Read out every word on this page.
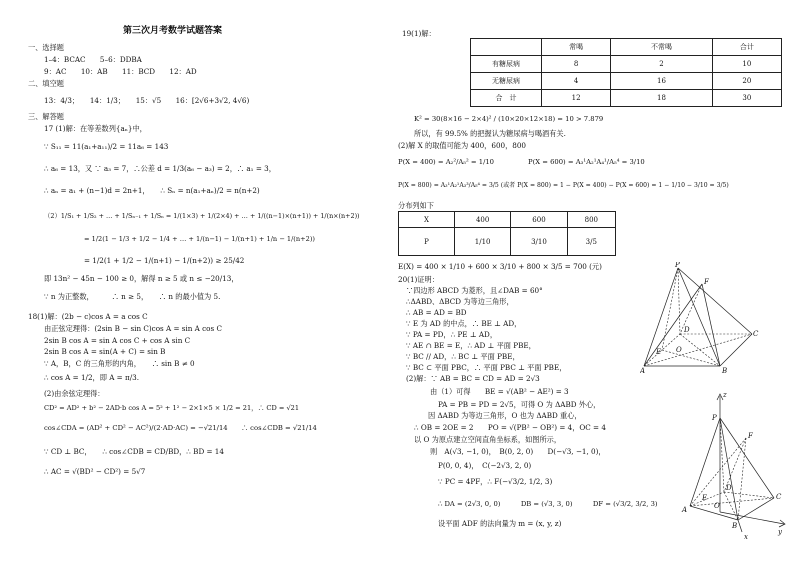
第三次月考数学试题答案
一、选择题
1–4：BCAC　　5–6：DDBA
9：AC　　10：AB　　11：BCD　　12：AD
二、填空题
13：4/3；　　14：1/3；　　15：√5　　16：[2√6+3√2, 4√6)
三、解答题
17 (1)解：在等差数列{aₙ}中，
∵ S₁₁ = 11(a₁+a₁₁)/2 = 11a₆ = 143
∴ a₆ = 13，又 ∵ a₃ = 7，∴公差 d = 1/3(a₆ − a₃) = 2，∴ a₁ = 3，
∴ aₙ = a₁ + (n−1)d = 2n+1，　　∴ Sₙ = n(a₁+aₙ)/2 = n(n+2)
（2）1/S₁ + 1/S₂ + … + 1/Sₙ₋₁ + 1/Sₙ = 1/(1×3) + 1/(2×4) + … + 1/((n−1)×(n+1)) + 1/(n×(n+2))
= 1/2(1 − 1/3 + 1/2 − 1/4 + … + 1/(n−1) − 1/(n+1) + 1/n − 1/(n+2))
= 1/2(1 + 1/2 − 1/(n+1) − 1/(n+2)) ≥ 25/42
即 13n² − 45n − 100 ≥ 0，解得 n ≥ 5 或 n ≤ −20/13，
∵ n 为正整数，　　　∴ n ≥ 5，　　∴ n 的最小值为 5.
18(1)解：(2b − c)cos A = a cos C
由正弦定理得：(2sin B − sin C)cos A = sin A cos C
2sin B cos A = sin A cos C + cos A sin C
2sin B cos A = sin(A + C) = sin B
∵ A，B，C 的三角形的内角，　　∴ sin B ≠ 0
∴ cos A = 1/2，即 A = π/3.
(2)由余弦定理得：
CD² = AD² + b² − 2AD·b cos A = 5² + 1² − 2×1×5 × 1/2 = 21，∴ CD = √21
cos∠CDA = (AD² + CD² − AC²)/(2·AD·AC) = −√21/14　　∴ cos∠CDB = √21/14
∵ CD ⊥ BC，　　∴ cos∠CDB = CD/BD，∴ BD = 14
∴ AC = √(BD² − CD²) = 5√7
19(1)解：
	常喝	不常喝	合计
有糖尿病	8	2	10
无糖尿病	4	16	20
合　计	12	18	30
K² = 30(8×16 − 2×4)² / (10×20×12×18) = 10 > 7.879
所以，有 99.5% 的把握认为糖尿病与喝酒有关.
(2)解 X 的取值可能为 400，600，800
P(X = 400) = A₂²/A₅² = 1/10　　　　　P(X = 600) = A₃¹A₂¹A₄¹/A₅⁴ = 3/10
P(X = 800) = A₃¹A₂¹A₃³/A₅⁴ = 3/5 (或者 P(X = 800) = 1 − P(X = 400) − P(X = 600) = 1 − 1/10 − 3/10 = 3/5)
分布列如下
X	400	600	800
P	1/10	3/10	3/5
E(X) = 400 × 1/10 + 600 × 3/10 + 800 × 3/5 = 700 (元)
20(1)证明：
∵四边形 ABCD 为菱形，且∠DAB = 60°
∴ΔABD、ΔBCD 为等边三角形，
∴ AB = AD = BD
∵ E 为 AD 的中点，∴ BE ⊥ AD，
∵ PA = PD，∴ PE ⊥ AD，
∵ AE ∩ BE = E，∴ AD ⊥ 平面 PBE，
∵ BC // AD，∴ BC ⊥ 平面 PBE，
∵ BC ⊂ 平面 PBC，∴ 平面 PBC ⊥ 平面 PBE，
(2)解：∵ AB = BC = CD = AD = 2√3
由（1）可得　　BE = √(AB² − AE²) = 3
PA = PB = PD = 2√5，可得 O 为 ΔABD 外心，
因 ΔABD 为等边三角形，O 也为 ΔABD 重心，
∴ OB = 2OE = 2　　PO = √(PB² − OB²) = 4，OC = 4
以 O 为原点建立空间直角坐标系，如图所示，
则　A(√3, −1, 0)，　B(0, 2, 0)　　D(−√3, −1, 0)，
P(0, 0, 4)，　C(−2√3, 2, 0)
∵ PC = 4PF，∴ F(−√3/2, 1/2, 3)
∴ DA = (2√3, 0, 0)　　　DB = (√3, 3, 0)　　　DF = (√3/2, 3/2, 3)
设平面 ADF 的法向量为 m = (x, y, z)
P
F
D
A
E O
B
C
z
P
F
D
A
B
C
x
y
O
E
